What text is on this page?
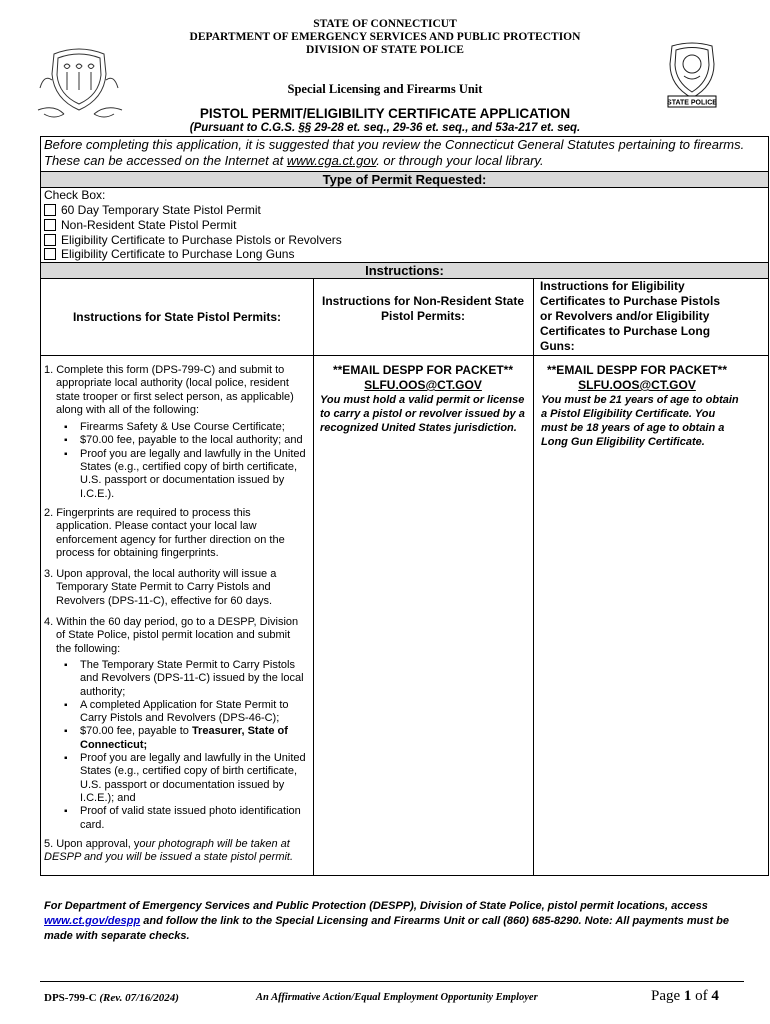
STATE OF CONNECTICUT
DEPARTMENT OF EMERGENCY SERVICES AND PUBLIC PROTECTION
DIVISION OF STATE POLICE
STATE POLICE
Special Licensing and Firearms Unit
PISTOL PERMIT/ELIGIBILITY CERTIFICATE APPLICATION
(Pursuant to C.G.S. §§ 29-28 et. seq., 29-36 et. seq., and 53a-217 et. seq.
Before completing this application, it is suggested that you review the Connecticut General Statutes pertaining to firearms. These can be accessed on the Internet at www.cga.ct.gov. or through your local library.
Type of Permit Requested:
Check Box:
60 Day Temporary State Pistol Permit
Non-Resident State Pistol Permit
Eligibility Certificate to Purchase Pistols or Revolvers
Eligibility Certificate to Purchase Long Guns
Instructions:
Instructions for State Pistol Permits:
Instructions for Non-Resident State Pistol Permits:
Instructions for Eligibility Certificates to Purchase Pistols or Revolvers and/or Eligibility Certificates to Purchase Long Guns:

1. Complete this form (DPS-799-C) and submit to appropriate local authority (local police, resident state trooper or first select person, as applicable) along with all of the following:

▪ Firearms Safety & Use Course Certificate;
▪ $70.00 fee, payable to the local authority; and
▪ Proof you are legally and lawfully in the United States (e.g., certified copy of birth certificate, U.S. passport or documentation issued by I.C.E.).

2. Fingerprints are required to process this application. Please contact your local law enforcement agency for further direction on the process for obtaining fingerprints.

3. Upon approval, the local authority will issue a Temporary State Permit to Carry Pistols and Revolvers (DPS-11-C), effective for 60 days.

4. Within the 60 day period, go to a DESPP, Division of State Police, pistol permit location and submit the following:

▪ The Temporary State Permit to Carry Pistols and Revolvers (DPS-11-C) issued by the local authority;
▪ A completed Application for State Permit to Carry Pistols and Revolvers (DPS-46-C);
▪ $70.00 fee, payable to Treasurer, State of Connecticut;
▪ Proof you are legally and lawfully in the United States (e.g., certified copy of birth certificate, U.S. passport or documentation issued by I.C.E.); and
▪ Proof of valid state issued photo identification card.

5. Upon approval, your photograph will be taken at DESPP and you will be issued a state pistol permit.

**EMAIL DESPP FOR PACKET**
SLFU.OOS@CT.GOV
You must hold a valid permit or license to carry a pistol or revolver issued by a recognized United States jurisdiction.
**EMAIL DESPP FOR PACKET**
SLFU.OOS@CT.GOV
You must be 21 years of age to obtain a Pistol Eligibility Certificate. You must be 18 years of age to obtain a Long Gun Eligibility Certificate.
For Department of Emergency Services and Public Protection (DESPP), Division of State Police, pistol permit locations, access www.ct.gov/despp and follow the link to the Special Licensing and Firearms Unit or call (860) 685-8290. Note: All payments must be made with separate checks.
DPS-799-C (Rev. 07/16/2024)	An Affirmative Action/Equal Employment Opportunity Employer	Page 1 of 4
